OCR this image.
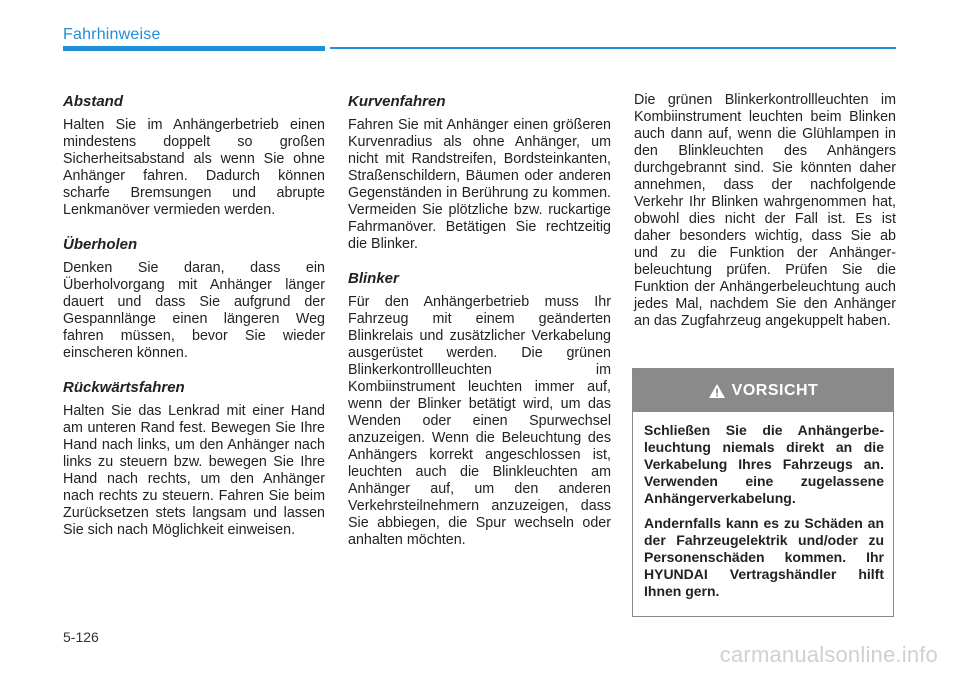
Fahrhinweise
Abstand

Halten Sie im Anhängerbetrieb einen mindestens doppelt so großen Sicherheitsabstand als wenn Sie ohne Anhänger fahren. Dadurch können scharfe Bremsungen und abrupte Lenkmanöver vermieden werden.

Überholen

Denken Sie daran, dass ein Überholvorgang mit Anhänger länger dauert und dass Sie aufgrund der Gespannlänge einen längeren Weg fahren müssen, bevor Sie wieder einscheren können.

Rückwärtsfahren

Halten Sie das Lenkrad mit einer Hand am unteren Rand fest. Bewegen Sie Ihre Hand nach links, um den Anhänger nach links zu steuern bzw. bewegen Sie Ihre Hand nach rechts, um den Anhänger nach rechts zu steuern. Fahren Sie beim Zurücksetzen stets langsam und lassen Sie sich nach Möglichkeit einweisen.

Kurvenfahren

Fahren Sie mit Anhänger einen größeren Kurvenradius als ohne Anhänger, um nicht mit Randstreifen, Bordsteinkanten, Straßenschildern, Bäumen oder anderen Gegenständen in Berührung zu kommen. Vermeiden Sie plötzliche bzw. ruckartige Fahrmanöver. Betätigen Sie rechtzeitig die Blinker.

Blinker

Für den Anhängerbetrieb muss Ihr Fahrzeug mit einem geänderten Blinkrelais und zusätzlicher Verkabelung ausgerüstet werden. Die grünen Blinkerkontrollleuchten im Kombiinstrument leuchten immer auf, wenn der Blinker betätigt wird, um das Wenden oder einen Spurwechsel anzuzeigen. Wenn die Beleuchtung des Anhängers korrekt angeschlossen ist, leuchten auch die Blinkleuchten am Anhänger auf, um den anderen Verkehrsteilnehmern anzuzeigen, dass Sie abbiegen, die Spur wechseln oder anhalten möchten.

Die grünen Blinkerkontrollleuchten im Kombiinstrument leuchten beim Blinken auch dann auf, wenn die Glühlampen in den Blinkleuchten des Anhängers durchgebrannt sind. Sie könnten daher annehmen, dass der nachfolgende Verkehr Ihr Blinken wahrgenommen hat, obwohl dies nicht der Fall ist. Es ist daher besonders wichtig, dass Sie ab und zu die Funktion der Anhängerbeleuchtung prüfen. Prüfen Sie die Funktion der Anhängerbeleuchtung auch jedes Mal, nachdem Sie den Anhänger an das Zugfahrzeug angekuppelt haben.

VORSICHT

Schließen Sie die Anhängerbeleuchtung niemals direkt an die Verkabelung Ihres Fahrzeugs an. Verwenden eine zugelassene Anhängerverkabelung.

Andernfalls kann es zu Schäden an der Fahrzeugelektrik und/oder zu Personenschäden kommen. Ihr HYUNDAI Vertragshändler hilft Ihnen gern.

5-126
carmanualsonline.info
